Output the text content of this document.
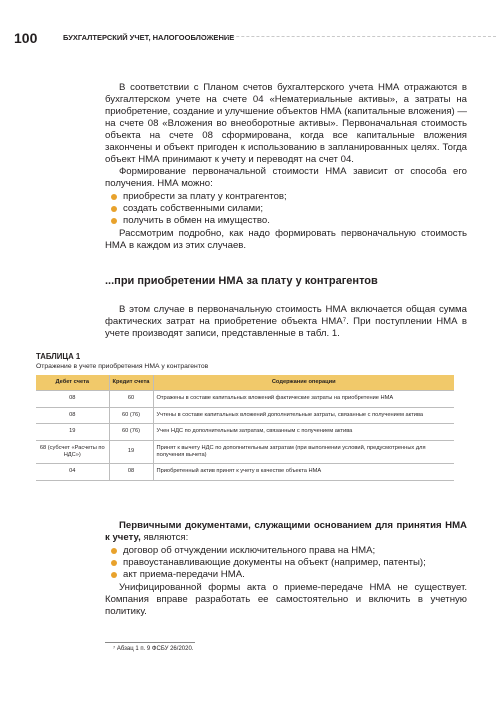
100	БУХГАЛТЕРСКИЙ УЧЕТ, НАЛОГООБЛОЖЕНИЕ

В соответствии с Планом счетов бухгалтерского учета НМА отражаются в бухгалтерском учете на счете 04 «Нематериальные активы», а затраты на приобретение, создание и улучшение объектов НМА (капитальные вложения) — на счете 08 «Вложения во внеоборотные активы». Первоначальная стоимость объекта на счете 08 сформирована, когда все капитальные вложения закончены и объект пригоден к использованию в запланированных целях. Тогда объект НМА принимают к учету и переводят на счет 04.

Формирование первоначальной стоимости НМА зависит от способа его получения. НМА можно:

приобрести за плату у контрагентов;
создать собственными силами;
получить в обмен на имущество.

Рассмотрим подробно, как надо формировать первоначальную стоимость НМА в каждом из этих случаев.

...при приобретении НМА за плату у контрагентов

В этом случае в первоначальную стоимость НМА включается общая сумма фактических затрат на приобретение объекта НМА⁷. При поступлении НМА в учете производят записи, представленные в табл. 1.

ТАБЛИЦА 1
Отражение в учете приобретения НМА у контрагентов
Дебет счета	Кредит счета	Содержание операции
08	60	Отражены в составе капитальных вложений фактические затраты на приобретение НМА
08	60 (76)	Учтены в составе капитальных вложений дополнительные затраты, связанные с получением актива
19	60 (76)	Учен НДС по дополнительным затратам, связанным с получением актива
68 (субсчет «Расчеты по НДС»)	19	Принят к вычету НДС по дополнительным затратам (при выполнении условий, предусмотренных для получения вычета)
04	08	Приобретенный актив принят к учету в качестве объекта НМА

Первичными документами, служащими основанием для принятия НМА к учету, являются:

договор об отчуждении исключительного права на НМА;
правоустанавливающие документы на объект (например, патенты);
акт приема-передачи НМА.

Унифицированной формы акта о приеме-передаче НМА не существует. Компания вправе разработать ее самостоятельно и включить в учетную политику.

⁷ Абзац 1 п. 9 ФСБУ 26/2020.
